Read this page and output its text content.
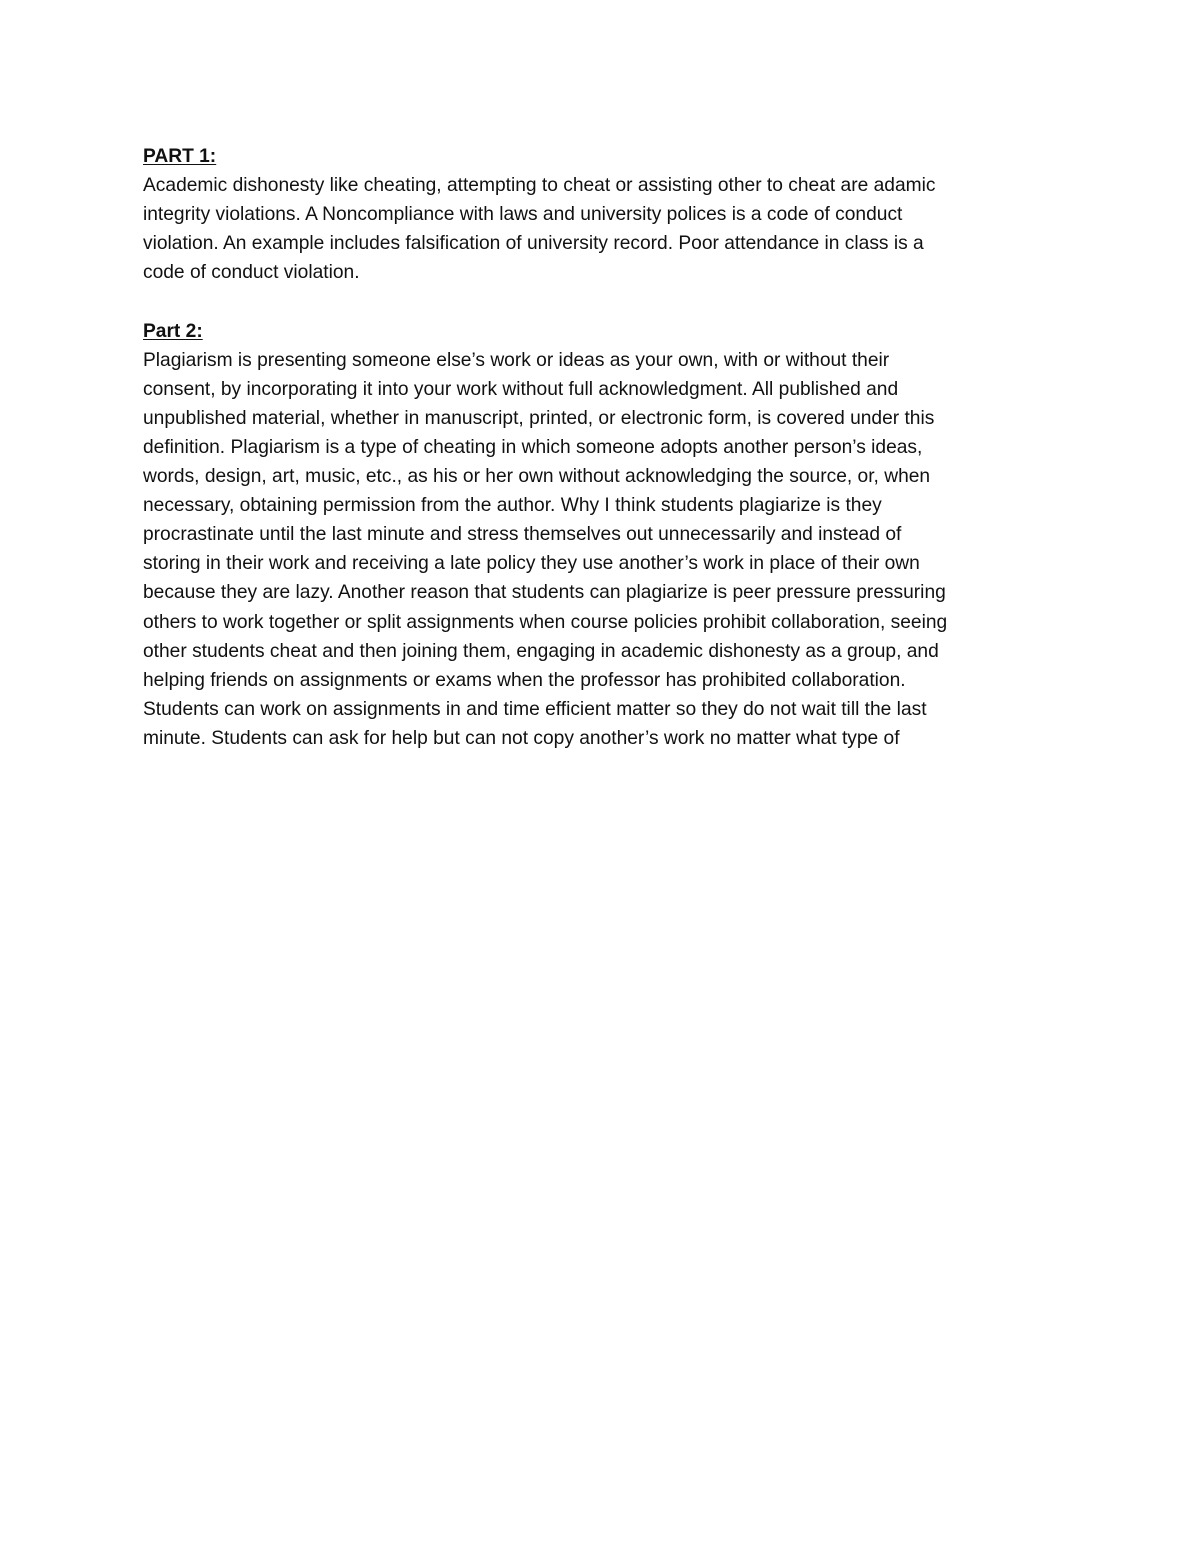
PART 1:
Academic dishonesty like cheating, attempting to cheat or assisting other to cheat are adamic
integrity violations. A Noncompliance with laws and university polices is a code of conduct
violation. An example includes falsification of university record. Poor attendance in class is a
code of conduct violation.
Part 2:
Plagiarism is presenting someone else’s work or ideas as your own, with or without their
consent, by incorporating it into your work without full acknowledgment. All published and
unpublished material, whether in manuscript, printed, or electronic form, is covered under this
definition. Plagiarism is a type of cheating in which someone adopts another person’s ideas,
words, design, art, music, etc., as his or her own without acknowledging the source, or, when
necessary, obtaining permission from the author. Why I think students plagiarize is they
procrastinate until the last minute and stress themselves out unnecessarily and instead of
storing in their work and receiving a late policy they use another’s work in place of their own
because they are lazy. Another reason that students can plagiarize is peer pressure pressuring
others to work together or split assignments when course policies prohibit collaboration, seeing
other students cheat and then joining them, engaging in academic dishonesty as a group, and
helping friends on assignments or exams when the professor has prohibited collaboration.
Students can work on assignments in and time efficient matter so they do not wait till the last
minute. Students can ask for help but can not copy another’s work no matter what type of
